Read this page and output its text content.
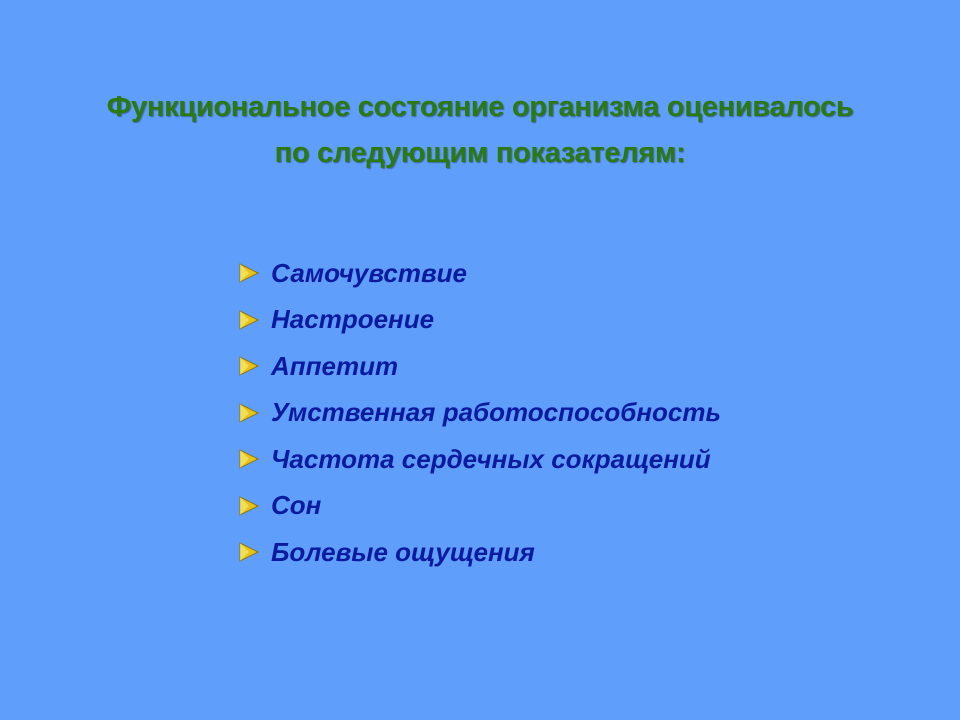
Функциональное состояние организма оценивалось
по следующим показателям:
Самочувствие
Настроение
Аппетит
Умственная работоспособность
Частота сердечных сокращений
Сон
Болевые ощущения
